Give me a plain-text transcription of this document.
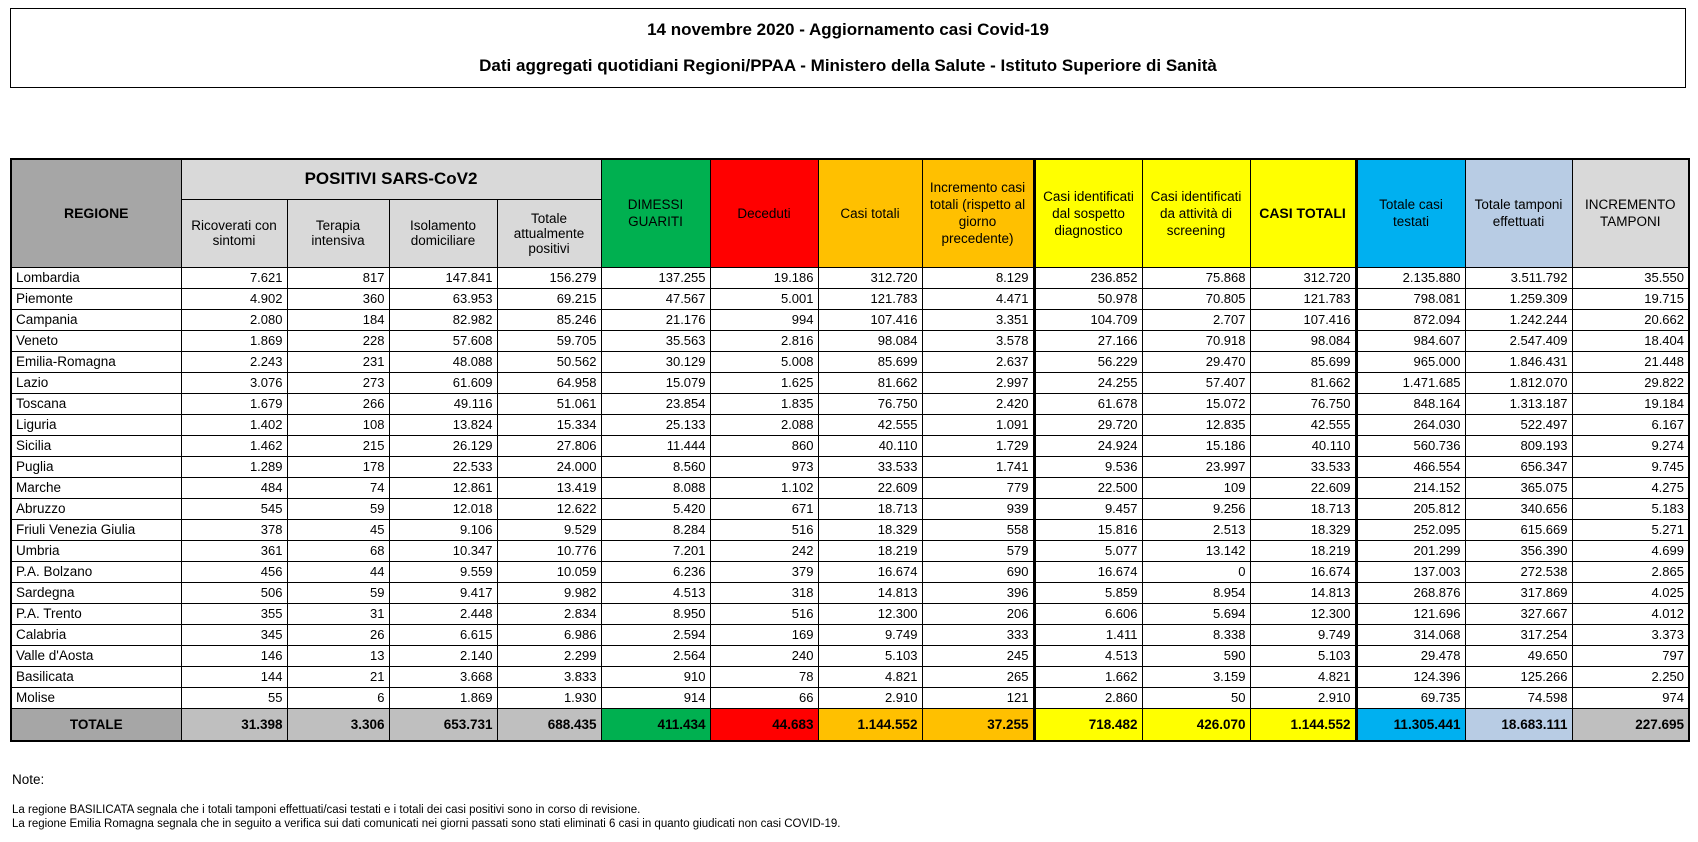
14 novembre 2020 - Aggiornamento casi Covid-19
Dati aggregati quotidiani Regioni/PPAA - Ministero della Salute - Istituto Superiore di Sanità
REGIONE	POSITIVI SARS-CoV2				DIMESSI GUARITI	Deceduti	Casi totali	Incremento casi totali (rispetto al giorno precedente)	Casi identificati dal sospetto diagnostico	Casi identificati da attività di screening	CASI TOTALI	Totale casi testati	Totale tamponi effettuati	INCREMENTO TAMPONI
	Ricoverati con sintomi	Terapia intensiva	Isolamento domiciliare	Totale attualmente positivi										
Lombardia	7.621	817	147.841	156.279	137.255	19.186	312.720	8.129	236.852	75.868	312.720	2.135.880	3.511.792	35.550
Piemonte	4.902	360	63.953	69.215	47.567	5.001	121.783	4.471	50.978	70.805	121.783	798.081	1.259.309	19.715
Campania	2.080	184	82.982	85.246	21.176	994	107.416	3.351	104.709	2.707	107.416	872.094	1.242.244	20.662
Veneto	1.869	228	57.608	59.705	35.563	2.816	98.084	3.578	27.166	70.918	98.084	984.607	2.547.409	18.404
Emilia-Romagna	2.243	231	48.088	50.562	30.129	5.008	85.699	2.637	56.229	29.470	85.699	965.000	1.846.431	21.448
Lazio	3.076	273	61.609	64.958	15.079	1.625	81.662	2.997	24.255	57.407	81.662	1.471.685	1.812.070	29.822
Toscana	1.679	266	49.116	51.061	23.854	1.835	76.750	2.420	61.678	15.072	76.750	848.164	1.313.187	19.184
Liguria	1.402	108	13.824	15.334	25.133	2.088	42.555	1.091	29.720	12.835	42.555	264.030	522.497	6.167
Sicilia	1.462	215	26.129	27.806	11.444	860	40.110	1.729	24.924	15.186	40.110	560.736	809.193	9.274
Puglia	1.289	178	22.533	24.000	8.560	973	33.533	1.741	9.536	23.997	33.533	466.554	656.347	9.745
Marche	484	74	12.861	13.419	8.088	1.102	22.609	779	22.500	109	22.609	214.152	365.075	4.275
Abruzzo	545	59	12.018	12.622	5.420	671	18.713	939	9.457	9.256	18.713	205.812	340.656	5.183
Friuli Venezia Giulia	378	45	9.106	9.529	8.284	516	18.329	558	15.816	2.513	18.329	252.095	615.669	5.271
Umbria	361	68	10.347	10.776	7.201	242	18.219	579	5.077	13.142	18.219	201.299	356.390	4.699
P.A. Bolzano	456	44	9.559	10.059	6.236	379	16.674	690	16.674	0	16.674	137.003	272.538	2.865
Sardegna	506	59	9.417	9.982	4.513	318	14.813	396	5.859	8.954	14.813	268.876	317.869	4.025
P.A. Trento	355	31	2.448	2.834	8.950	516	12.300	206	6.606	5.694	12.300	121.696	327.667	4.012
Calabria	345	26	6.615	6.986	2.594	169	9.749	333	1.411	8.338	9.749	314.068	317.254	3.373
Valle d'Aosta	146	13	2.140	2.299	2.564	240	5.103	245	4.513	590	5.103	29.478	49.650	797
Basilicata	144	21	3.668	3.833	910	78	4.821	265	1.662	3.159	4.821	124.396	125.266	2.250
Molise	55	6	1.869	1.930	914	66	2.910	121	2.860	50	2.910	69.735	74.598	974
TOTALE	31.398	3.306	653.731	688.435	411.434	44.683	1.144.552	37.255	718.482	426.070	1.144.552	11.305.441	18.683.111	227.695
Note:
La regione BASILICATA segnala che i totali tamponi effettuati/casi testati e i totali dei casi positivi sono in corso di revisione.
La regione Emilia Romagna segnala che in seguito a verifica sui dati comunicati nei giorni passati sono stati eliminati 6 casi in quanto giudicati non casi COVID-19.
